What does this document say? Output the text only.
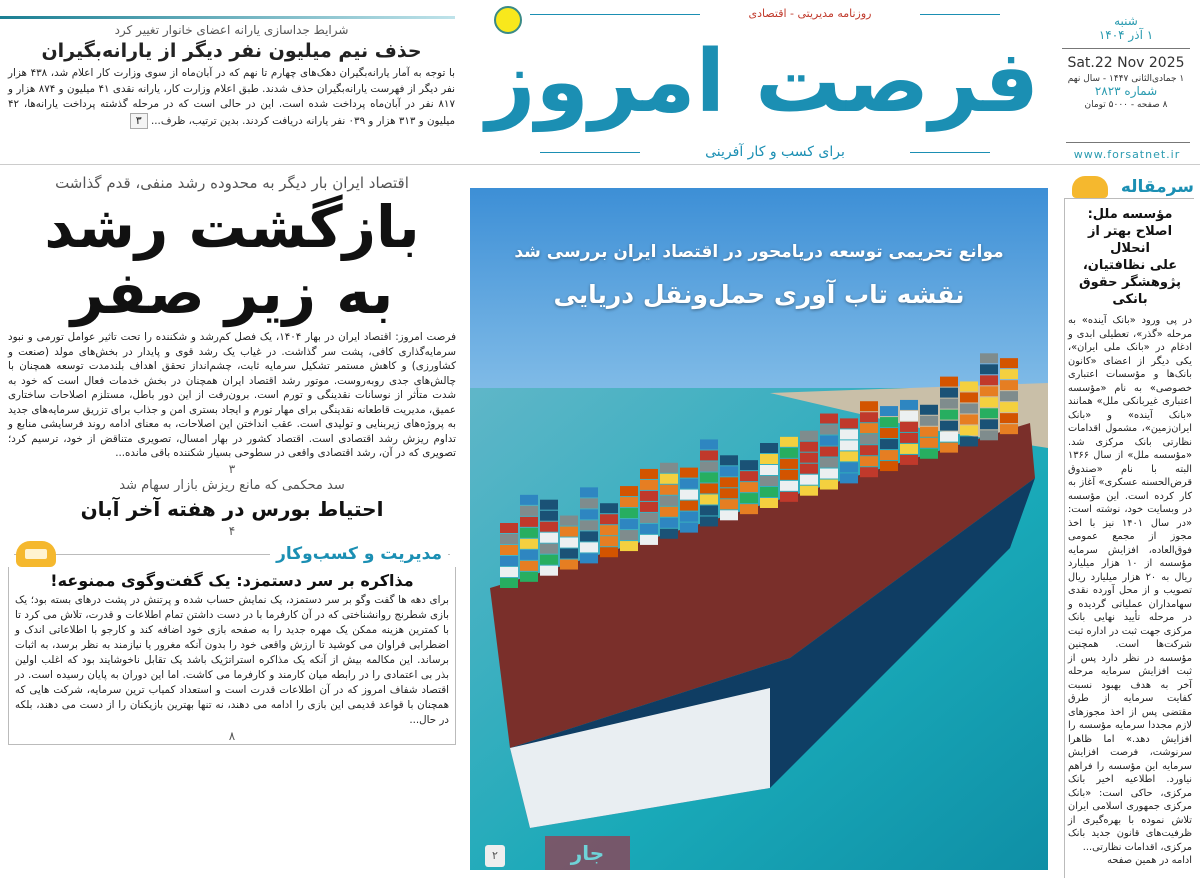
شرایط جداسازی یارانه اعضای خانوار تغییر کرد
حذف نیم میلیون نفر دیگر از یارانه‌بگیران
با توجه به آمار یارانه‌بگیران دهک‌های چهارم تا نهم که در آبان‌ماه از سوی وزارت کار اعلام شد، ۴۳۸ هزار نفر دیگر از فهرست یارانه‌بگیران حذف شدند. طبق اعلام وزارت کار، یارانه نقدی ۴۱ میلیون و ۸۷۴ هزار و ۸۱۷ نفر در آبان‌ماه پرداخت شده است. این در حالی است که در مرحله گذشته پرداخت یارانه‌ها، ۴۲ میلیون و ۳۱۳ هزار و ۰۳۹ نفر یارانه دریافت کردند. بدین ترتیب، ظرف... ۳	فرصت امروز
روزنامه مدیریتی - اقتصادی
برای کسب و کار آفرینی
شنبه
۱ آذر ۱۴۰۴
Sat.22 Nov 2025
۱ جمادی‌الثانی ۱۴۴۷ - سال نهم
شماره ۲۸۲۳
۸ صفحه - ۵۰۰۰ تومان
www.forsatnet.ir
اقتصاد ایران بار دیگر به محدوده رشد منفی، قدم گذاشت
بازگشت رشد
به زیر صفر
فرصت امروز: اقتصاد ایران در بهار ۱۴۰۴، یک فصل کم‌رشد و شکننده را تحت تاثیر عوامل تورمی و نبود سرمایه‌گذاری کافی، پشت سر گذاشت. در غیاب یک رشد قوی و پایدار در بخش‌های مولد (صنعت و کشاورزی) و کاهش مستمر تشکیل سرمایه ثابت، چشم‌انداز تحقق اهداف بلندمدت توسعه همچنان با چالش‌های جدی روبه‌روست. موتور رشد اقتصاد ایران همچنان در بخش خدمات فعال است که خود به شدت متأثر از نوسانات نقدینگی و تورم است. برون‌رفت از این دور باطل، مستلزم اصلاحات ساختاری عمیق، مدیریت قاطعانه نقدینگی برای مهار تورم و ایجاد بستری امن و جذاب برای تزریق سرمایه‌های جدید به پروژه‌های زیربنایی و تولیدی است. عقب انداختن این اصلاحات، به معنای ادامه روند فرسایشی منابع و تداوم ریزش رشد اقتصادی است. اقتصاد کشور در بهار امسال، تصویری متناقض از خود، ترسیم کرد؛ تصویری که در آن، رشد اقتصادی واقعی در سطوحی بسیار شکننده باقی مانده...
۳
سد محکمی که مانع ریزش بازار سهام شد
احتیاط بورس در هفته آخر آبان
۴
مدیریت و کسب‌وکار
مذاکره بر سر دستمزد: یک گفت‌وگوی ممنوعه!
برای دهه ها گفت وگو بر سر دستمزد، یک نمایش حساب شده و پرتنش در پشت درهای بسته بود؛ یک بازی شطرنج روانشناختی که در آن کارفرما با در دست داشتن تمام اطلاعات و قدرت، تلاش می کرد تا با کمترین هزینه ممکن یک مهره جدید را به صفحه بازی خود اضافه کند و کارجو با اطلاعاتی اندک و اضطرابی فراوان می کوشید تا ارزش واقعی خود را بدون آنکه مغرور یا نیازمند به نظر برسد، به اثبات برساند. این مکالمه بیش از آنکه یک مذاکره استراتژیک باشد یک تقابل ناخوشایند بود که اغلب اولین بذر بی اعتمادی را در رابطه میان کارمند و کارفرما می کاشت. اما این دوران به پایان رسیده است. در اقتصاد شفاف امروز که در آن اطلاعات قدرت است و استعداد کمیاب ترین سرمایه، شرکت هایی که همچنان با قواعد قدیمی این بازی را ادامه می دهند، نه تنها بهترین بازیکنان را از دست می دهند، بلکه در حال...
۸
موانع تحریمی توسعه دریامحور در اقتصاد ایران بررسی شد
نقشه تاب آوری حمل‌ونقل دریایی
۲	جار
سرمقاله
مؤسسه ملل: اصلاح بهتر از انحلال
علی نظافتیان، پژوهشگر حقوق بانکی
در پی ورود «بانک آینده» به مرحله «گذر»، تعطیلی ابدی و ادغام در «بانک ملی ایران»، یکی دیگر از اعضای «کانون بانک‌ها و مؤسسات اعتباری خصوصی» به نام «مؤسسه اعتباری غیربانکی ملل» همانند «بانک آینده» و «بانک ایران‌زمین»، مشمول اقدامات نظارتی بانک مرکزی شد. «مؤسسه ملل» از سال ۱۳۶۶ البته با نام «صندوق قرض‌الحسنه عسکری» آغاز به کار کرده است. این مؤسسه در وبسایت خود، نوشته است: «در سال ۱۴۰۱ نیز با اخذ مجوز از مجمع عمومی فوق‌العاده، افزایش سرمایه مؤسسه از ۱۰ هزار میلیارد ریال به ۲۰ هزار میلیارد ریال تصویب و از محل آورده نقدی سهامداران عملیاتی گردیده و در مرحله تأیید نهایی بانک مرکزی جهت ثبت در اداره ثبت شرکت‌ها است. همچنین مؤسسه در نظر دارد پس از ثبت افزایش سرمایه مرحله آخر به هدف بهبود نسبت کفایت سرمایه از طرق مقتضی پس از اخذ مجوزهای لازم مجددا سرمایه مؤسسه را افزایش دهد.» اما ظاهرا سرنوشت، فرصت افزایش سرمایه این مؤسسه را فراهم نیاورد. اطلاعیه اخیر بانک مرکزی، حاکی است: «بانک مرکزی جمهوری اسلامی ایران تلاش نموده با بهره‌گیری از ظرفیت‌های قانون جدید بانک مرکزی، اقدامات نظارتی...
ادامه در همین صفحه
